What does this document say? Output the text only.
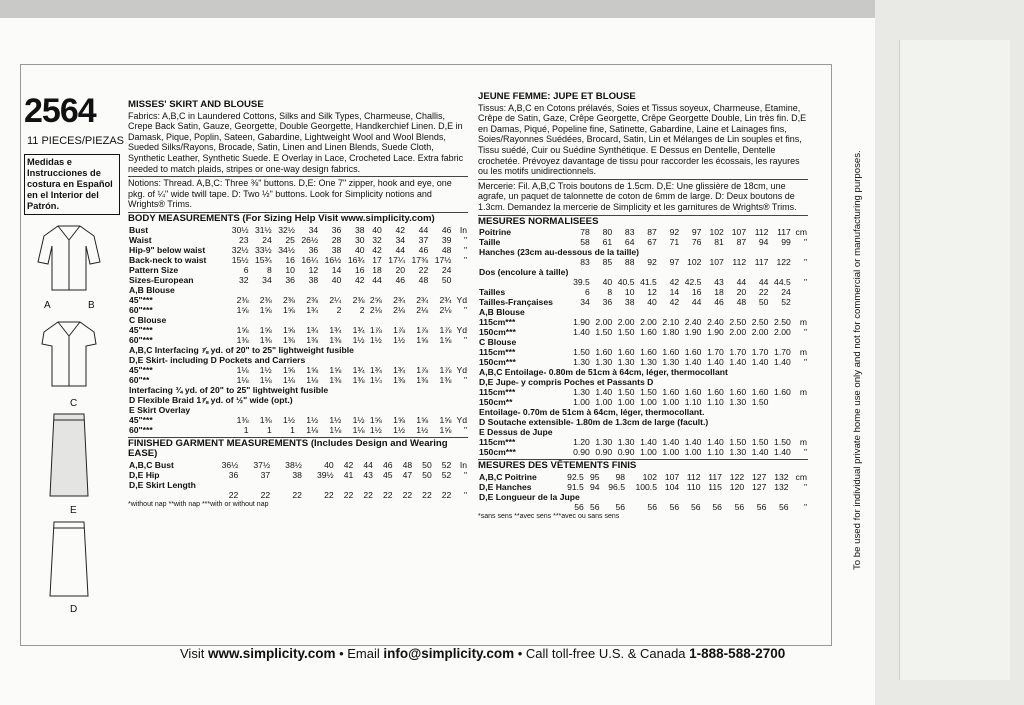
2564
11 PIECES/PIEZAS
Medidas e Instrucciones de costura en Español en el Interior del Patrón.
A	B
C
E
D
MISSES' SKIRT AND BLOUSE
Fabrics: A,B,C in Laundered Cottons, Silks and Silk Types, Charmeuse, Challis, Crepe Back Satin, Gauze, Georgette, Double Georgette, Handkerchief Linen. D,E in Damask, Pique, Poplin, Sateen, Gabardine, Lightweight Wool and Wool Blends, Sueded Silks/Rayons, Brocade, Satin, Linen and Linen Blends, Suede Cloth, Synthetic Leather, Synthetic Suede. E Overlay in Lace, Crocheted Lace. Extra fabric needed to match plaids, stripes or one-way design fabrics.
Notions: Thread. A,B,C: Three ⅜" buttons. D,E: One 7" zipper, hook and eye, one pkg. of ¼" wide twill tape. D: Two ½" buttons. Look for Simplicity notions and Wrights® Trims.
BODY MEASUREMENTS (For Sizing Help Visit www.simplicity.com)
Bust	30½	31½	32½	34	36	38	40	42	44	46	In
Waist	23	24	25	26½	28	30	32	34	37	39	"
Hip-9" below waist	32½	33½	34½	36	38	40	42	44	46	48	"
Back-neck to waist	15½	15¾	16	16¼	16½	16¾	17	17¼	17⅜	17½	"
Pattern Size	6	8	10	12	14	16	18	20	22	24	
Sizes-European	32	34	36	38	40	42	44	46	48	50	
A,B Blouse											
45"***	2⅜	2⅜	2⅜	2⅜	2¼	2⅜	2⅝	2¾	2¾	2¾	Yd
60"***	1⅝	1⅝	1⅝	1¾	2	2	2⅛	2⅛	2⅛	2⅛	"
C Blouse											
45"***	1⅝	1⅝	1⅝	1¾	1¾	1¾	1⅞	1⅞	1⅞	1⅞	Yd
60"***	1⅜	1⅜	1⅜	1⅜	1⅜	1½	1½	1½	1⅝	1⅝	"
A,B,C Interfacing ⅞ yd. of 20" to 25" lightweight fusible											
D,E Skirt- including D Pockets and Carriers											
45"***	1⅛	1½	1⅝	1⅝	1⅝	1¾	1¾	1¾	1⅞	1⅞	Yd
60"**	1⅛	1⅛	1⅛	1⅛	1⅜	1⅜	1¼	1⅜	1⅜	1⅜	"
Interfacing ¾ yd. of 20" to 25" lightweight fusible											
D Flexible Braid 1⅞ yd. of ½" wide (opt.)											
E Skirt Overlay											
45"***	1⅜	1⅜	1½	1½	1½	1½	1⅝	1⅝	1⅝	1⅝	Yd
60"***	1	1	1	1⅛	1⅛	1⅛	1½	1½	1½	1⅝	"
FINISHED GARMENT MEASUREMENTS (Includes Design and Wearing EASE)
A,B,C Bust	36½	37½	38½	40	42	44	46	48	50	52	In
D,E Hip	36	37	38	39½	41	43	45	47	50	52	"
D,E Skirt Length											
	22	22	22	22	22	22	22	22	22	22	"
*without nap **with nap ***with or without nap
JEUNE FEMME: JUPE ET BLOUSE
Tissus: A,B,C en Cotons prélavés, Soies et Tissus soyeux, Charmeuse, Etamine, Crêpe de Satin, Gaze, Crêpe Georgette, Crêpe Georgette Double, Lin très fin. D,E en Damas, Piqué, Popeline fine, Satinette, Gabardine, Laine et Lainages fins, Soies/Rayonnes Suédées, Brocard, Satin, Lin et Mélanges de Lin souples et fins, Tissu suédé, Cuir ou Suédine Synthétique. E Dessus en Dentelle, Dentelle crochetée. Prévoyez davantage de tissu pour raccorder les écossais, les rayures ou les motifs unidirectionnels.
Mercerie: Fil. A,B,C Trois boutons de 1.5cm. D,E: Une glissière de 18cm, une agrafe, un paquet de talonnette de coton de 6mm de large. D: Deux boutons de 1.3cm. Demandez la mercerie de Simplicity et les garnitures de Wrights® Trims.
MESURES NORMALISEES
Poitrine	78	80	83	87	92	97	102	107	112	117	cm
Taille	58	61	64	67	71	76	81	87	94	99	"
Hanches (23cm au-dessous de la taille)											
	83	85	88	92	97	102	107	112	117	122	"
Dos (encolure à taille)											
	39.5	40	40.5	41.5	42	42.5	43	44	44	44.5	"
Tailles	6	8	10	12	14	16	18	20	22	24	
Tailles-Françaises	34	36	38	40	42	44	46	48	50	52	
A,B Blouse											
115cm***	1.90	2.00	2.00	2.00	2.10	2.40	2.40	2.50	2.50	2.50	m
150cm***	1.40	1.50	1.50	1.60	1.80	1.90	1.90	2.00	2.00	2.00	"
C Blouse											
115cm***	1.50	1.60	1.60	1.60	1.60	1.60	1.70	1.70	1.70	1.70	m
150cm***	1.30	1.30	1.30	1.30	1.30	1.40	1.40	1.40	1.40	1.40	"
A,B,C Entoilage- 0.80m de 51cm à 64cm, léger, thermocollant											
D,E Jupe- y compris Poches et Passants D											
115cm***	1.30	1.40	1.50	1.50	1.60	1.60	1.60	1.60	1.60	1.60	m
150cm**	1.00	1.00	1.00	1.00	1.00	1.10	1.10	1.30	1.50		
Entoilage- 0.70m de 51cm à 64cm, léger, thermocollant.											
D Soutache extensible- 1.80m de 1.3cm de large (facult.)											
E Dessus de Jupe											
115cm***	1.20	1.30	1.30	1.40	1.40	1.40	1.40	1.50	1.50	1.50	m
150cm***	0.90	0.90	0.90	1.00	1.00	1.00	1.10	1.30	1.40	1.40	"
MESURES DES VÊTEMENTS FINIS
A,B,C Poitrine	92.5	95	98	102	107	112	117	122	127	132	cm
D,E Hanches	91.5	94	96.5	100.5	104	110	115	120	127	132	"
D,E Longueur de la Jupe											
	56	56	56	56	56	56	56	56	56	56	"
*sans sens **avec sens ***avec ou sans sens	To be used for individual private home use only and not for commercial or manufacturing purposes.
Visit www.simplicity.com • Email info@simplicity.com • Call toll-free U.S. & Canada 1-888-588-2700
